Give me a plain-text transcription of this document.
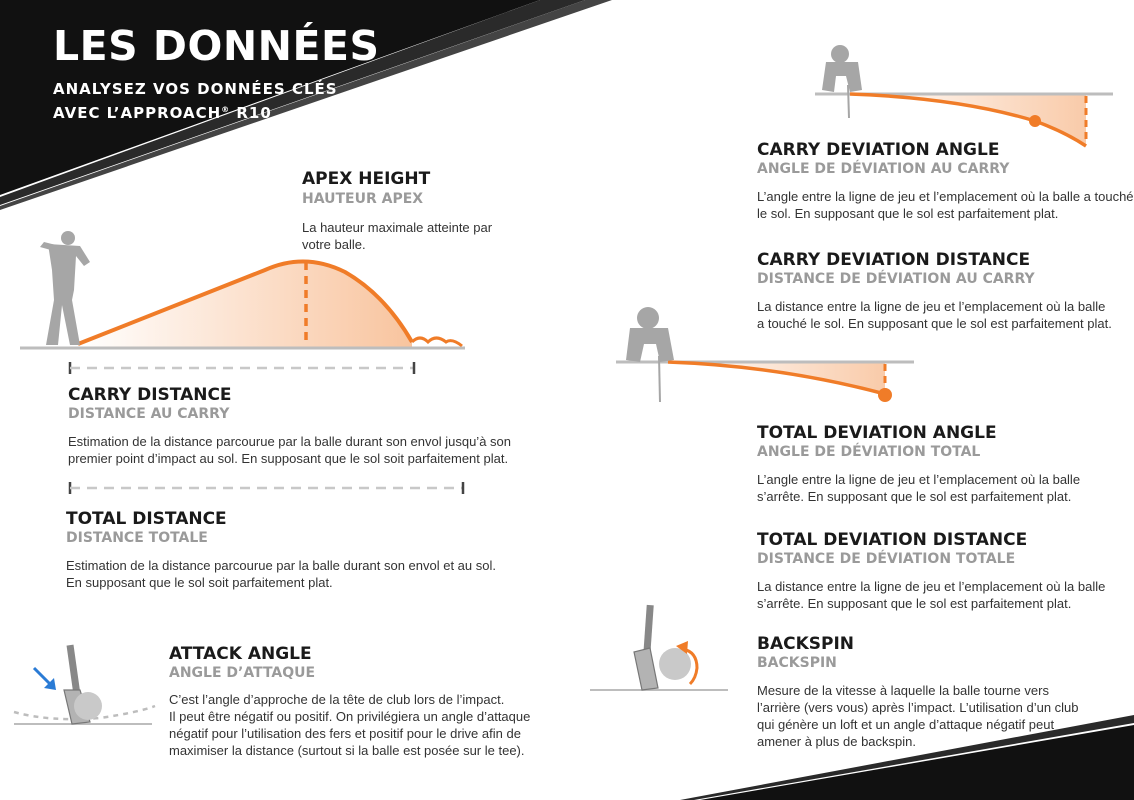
LES DONNÉES
ANALYSEZ VOS DONNÉES CLÉS
AVEC L’APPROACH® R10
APEX HEIGHT
HAUTEUR APEX
La hauteur maximale atteinte par
votre balle.
CARRY DISTANCE
DISTANCE AU CARRY
Estimation de la distance parcourue par la balle durant son envol jusqu’à son
premier point d’impact au sol. En supposant que le sol soit parfaitement plat.
TOTAL DISTANCE
DISTANCE TOTALE
Estimation de la distance parcourue par la balle durant son envol et au sol.
En supposant que le sol soit parfaitement plat.
ATTACK ANGLE
ANGLE D’ATTAQUE
C’est l’angle d’approche de la tête de club lors de l’impact.
Il peut être négatif ou positif. On privilégiera un angle d’attaque
négatif pour l’utilisation des fers et positif pour le drive afin de
maximiser la distance (surtout si la balle est posée sur le tee).
CARRY DEVIATION ANGLE
ANGLE DE DÉVIATION AU CARRY
L’angle entre la ligne de jeu et l’emplacement où la balle a touché
le sol. En supposant que le sol est parfaitement plat.
CARRY DEVIATION DISTANCE
DISTANCE DE DÉVIATION AU CARRY
La distance entre la ligne de jeu et l’emplacement où la balle
a touché le sol. En supposant que le sol est parfaitement plat.
TOTAL DEVIATION ANGLE
ANGLE DE DÉVIATION TOTAL
L’angle entre la ligne de jeu et l’emplacement où la balle
s’arrête. En supposant que le sol est parfaitement plat.
TOTAL DEVIATION DISTANCE
DISTANCE DE DÉVIATION TOTALE
La distance entre la ligne de jeu et l’emplacement où la balle
s’arrête. En supposant que le sol est parfaitement plat.
BACKSPIN
BACKSPIN
Mesure de la vitesse à laquelle la balle tourne vers
l’arrière (vers vous) après l’impact. L’utilisation d’un club
qui génère un loft et un angle d’attaque négatif peut
amener à plus de backspin.
